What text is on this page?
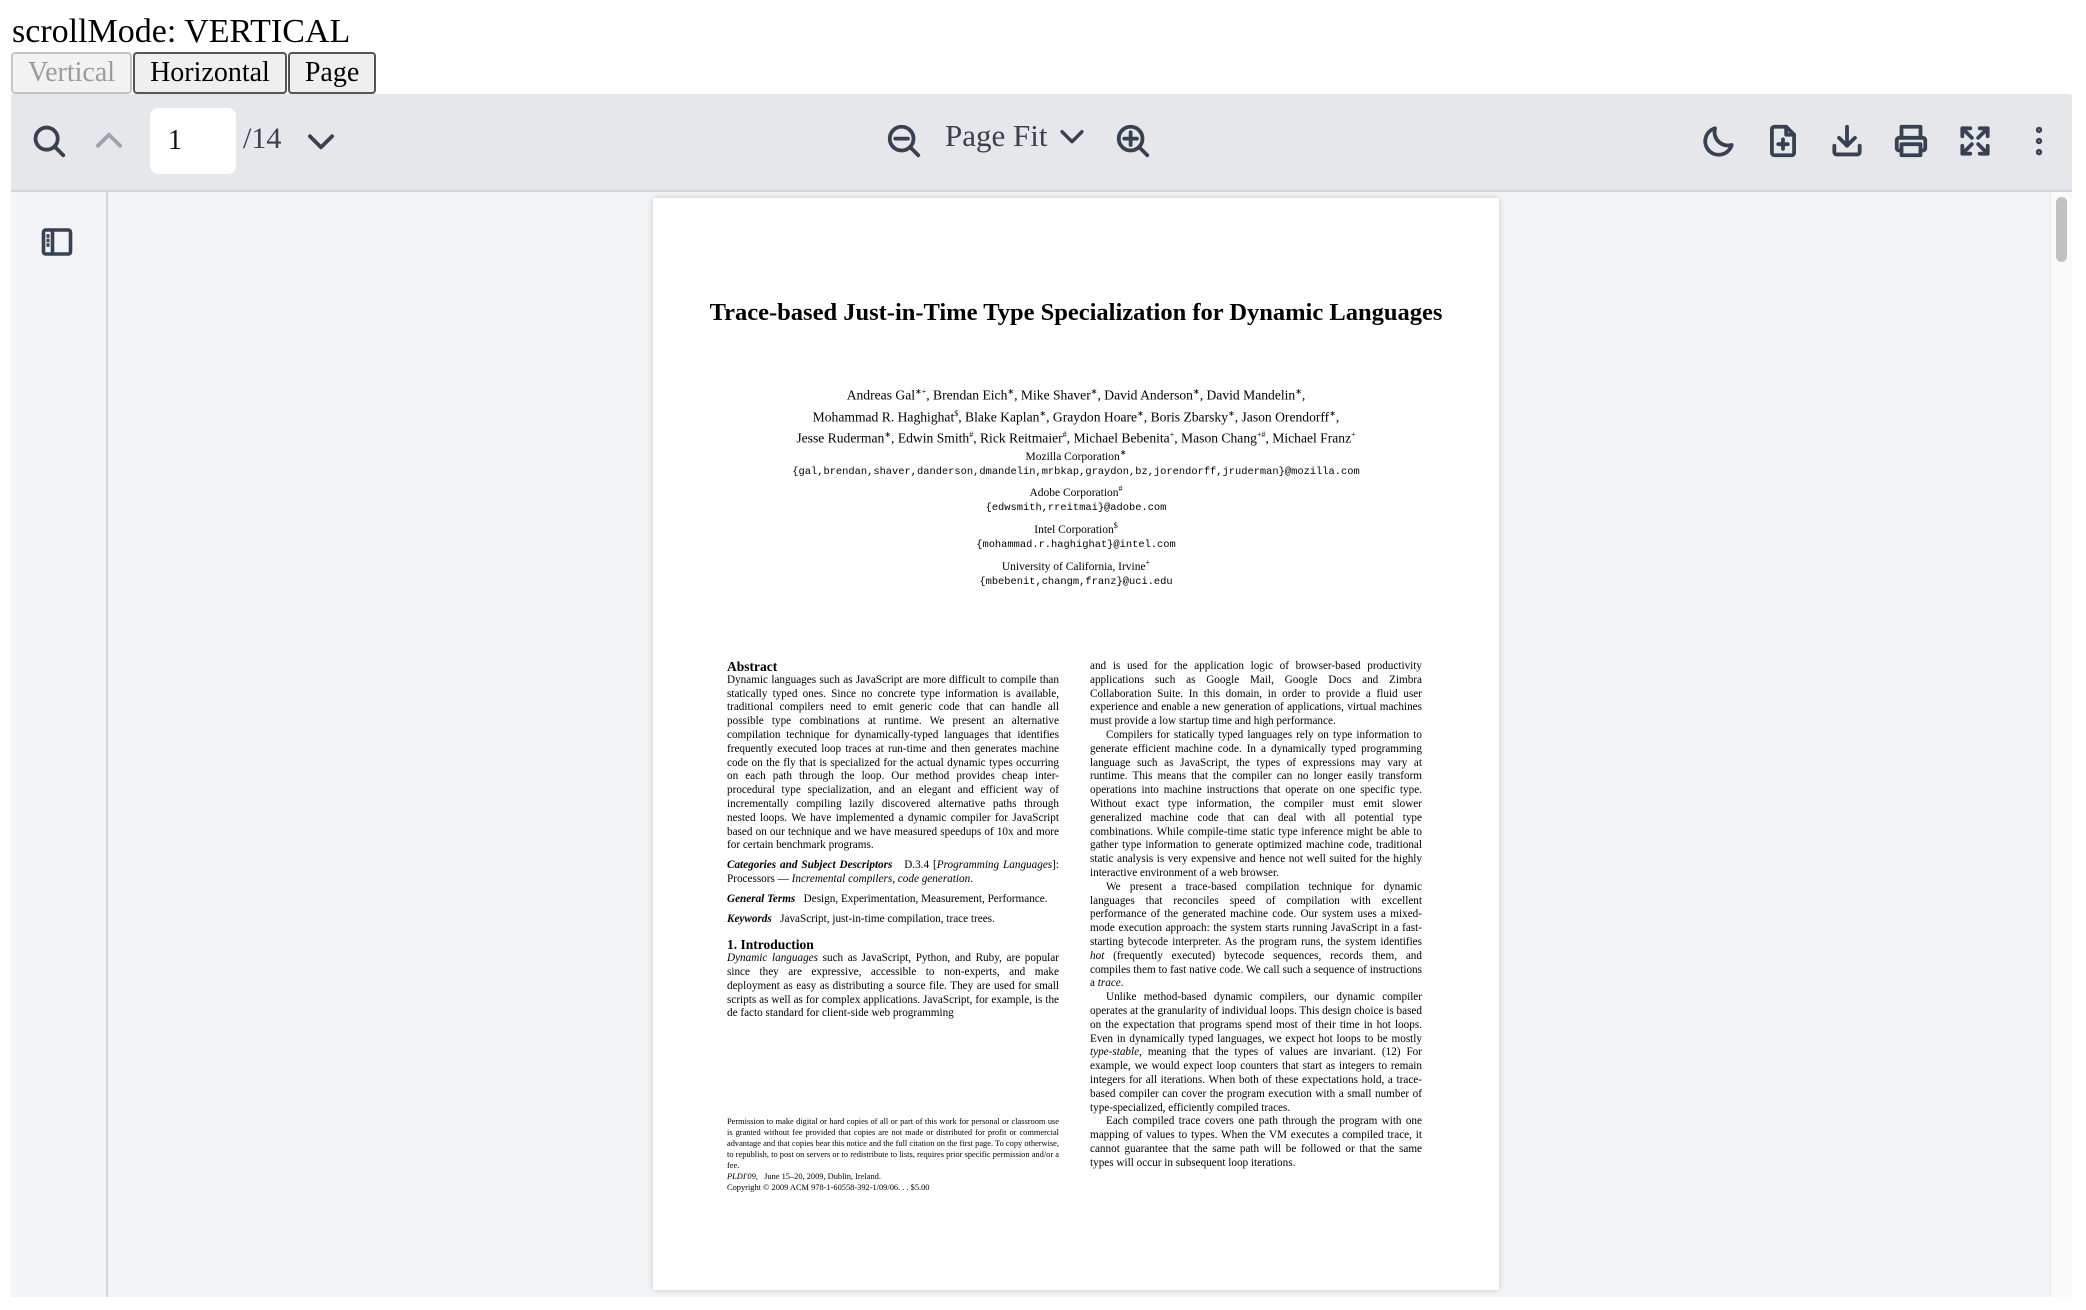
scrollMode: VERTICAL
Vertical	Horizontal	Page
1
/14	Page Fit
Trace-based Just-in-Time Type Specialization for Dynamic Languages
Andreas Gal∗+, Brendan Eich∗, Mike Shaver∗, David Anderson∗, David Mandelin∗,
Mohammad R. Haghighat$, Blake Kaplan∗, Graydon Hoare∗, Boris Zbarsky∗, Jason Orendorff∗,
Jesse Ruderman∗, Edwin Smith#, Rick Reitmaier#, Michael Bebenita+, Mason Chang+#, Michael Franz+
Mozilla Corporation∗
{gal,brendan,shaver,danderson,dmandelin,mrbkap,graydon,bz,jorendorff,jruderman}@mozilla.com
Adobe Corporation#
{edwsmith,rreitmai}@adobe.com
Intel Corporation$
{mohammad.r.haghighat}@intel.com
University of California, Irvine+
{mbebenit,changm,franz}@uci.edu

Abstract

Dynamic languages such as JavaScript are more difficult to compile than statically typed ones. Since no concrete type information is available, traditional compilers need to emit generic code that can handle all possible type combinations at runtime. We present an alternative compilation technique for dynamically-typed languages that identifies frequently executed loop traces at run-time and then generates machine code on the fly that is specialized for the actual dynamic types occurring on each path through the loop. Our method provides cheap inter-procedural type specialization, and an elegant and efficient way of incrementally compiling lazily discovered alternative paths through nested loops. We have implemented a dynamic compiler for JavaScript based on our technique and we have measured speedups of 10x and more for certain benchmark programs.

Categories and Subject Descriptors D.3.4 [Programming Languages]: Processors — Incremental compilers, code generation.

General Terms Design, Experimentation, Measurement, Performance.

Keywords JavaScript, just-in-time compilation, trace trees.

1. Introduction

Dynamic languages such as JavaScript, Python, and Ruby, are popular since they are expressive, accessible to non-experts, and make deployment as easy as distributing a source file. They are used for small scripts as well as for complex applications. JavaScript, for example, is the de facto standard for client-side web programming

Permission to make digital or hard copies of all or part of this work for personal or classroom use is granted without fee provided that copies are not made or distributed for profit or commercial advantage and that copies bear this notice and the full citation on the first page. To copy otherwise, to republish, to post on servers or to redistribute to lists, requires prior specific permission and/or a fee.
PLDI'09, June 15–20, 2009, Dublin, Ireland.
Copyright © 2009 ACM 978-1-60558-392-1/09/06. . . $5.00

and is used for the application logic of browser-based productivity applications such as Google Mail, Google Docs and Zimbra Collaboration Suite. In this domain, in order to provide a fluid user experience and enable a new generation of applications, virtual machines must provide a low startup time and high performance.

Compilers for statically typed languages rely on type information to generate efficient machine code. In a dynamically typed programming language such as JavaScript, the types of expressions may vary at runtime. This means that the compiler can no longer easily transform operations into machine instructions that operate on one specific type. Without exact type information, the compiler must emit slower generalized machine code that can deal with all potential type combinations. While compile-time static type inference might be able to gather type information to generate optimized machine code, traditional static analysis is very expensive and hence not well suited for the highly interactive environment of a web browser.

We present a trace-based compilation technique for dynamic languages that reconciles speed of compilation with excellent performance of the generated machine code. Our system uses a mixed-mode execution approach: the system starts running JavaScript in a fast-starting bytecode interpreter. As the program runs, the system identifies hot (frequently executed) bytecode sequences, records them, and compiles them to fast native code. We call such a sequence of instructions a trace.

Unlike method-based dynamic compilers, our dynamic compiler operates at the granularity of individual loops. This design choice is based on the expectation that programs spend most of their time in hot loops. Even in dynamically typed languages, we expect hot loops to be mostly type-stable, meaning that the types of values are invariant. (12) For example, we would expect loop counters that start as integers to remain integers for all iterations. When both of these expectations hold, a trace-based compiler can cover the program execution with a small number of type-specialized, efficiently compiled traces.

Each compiled trace covers one path through the program with one mapping of values to types. When the VM executes a compiled trace, it cannot guarantee that the same path will be followed or that the same types will occur in subsequent loop iterations.
